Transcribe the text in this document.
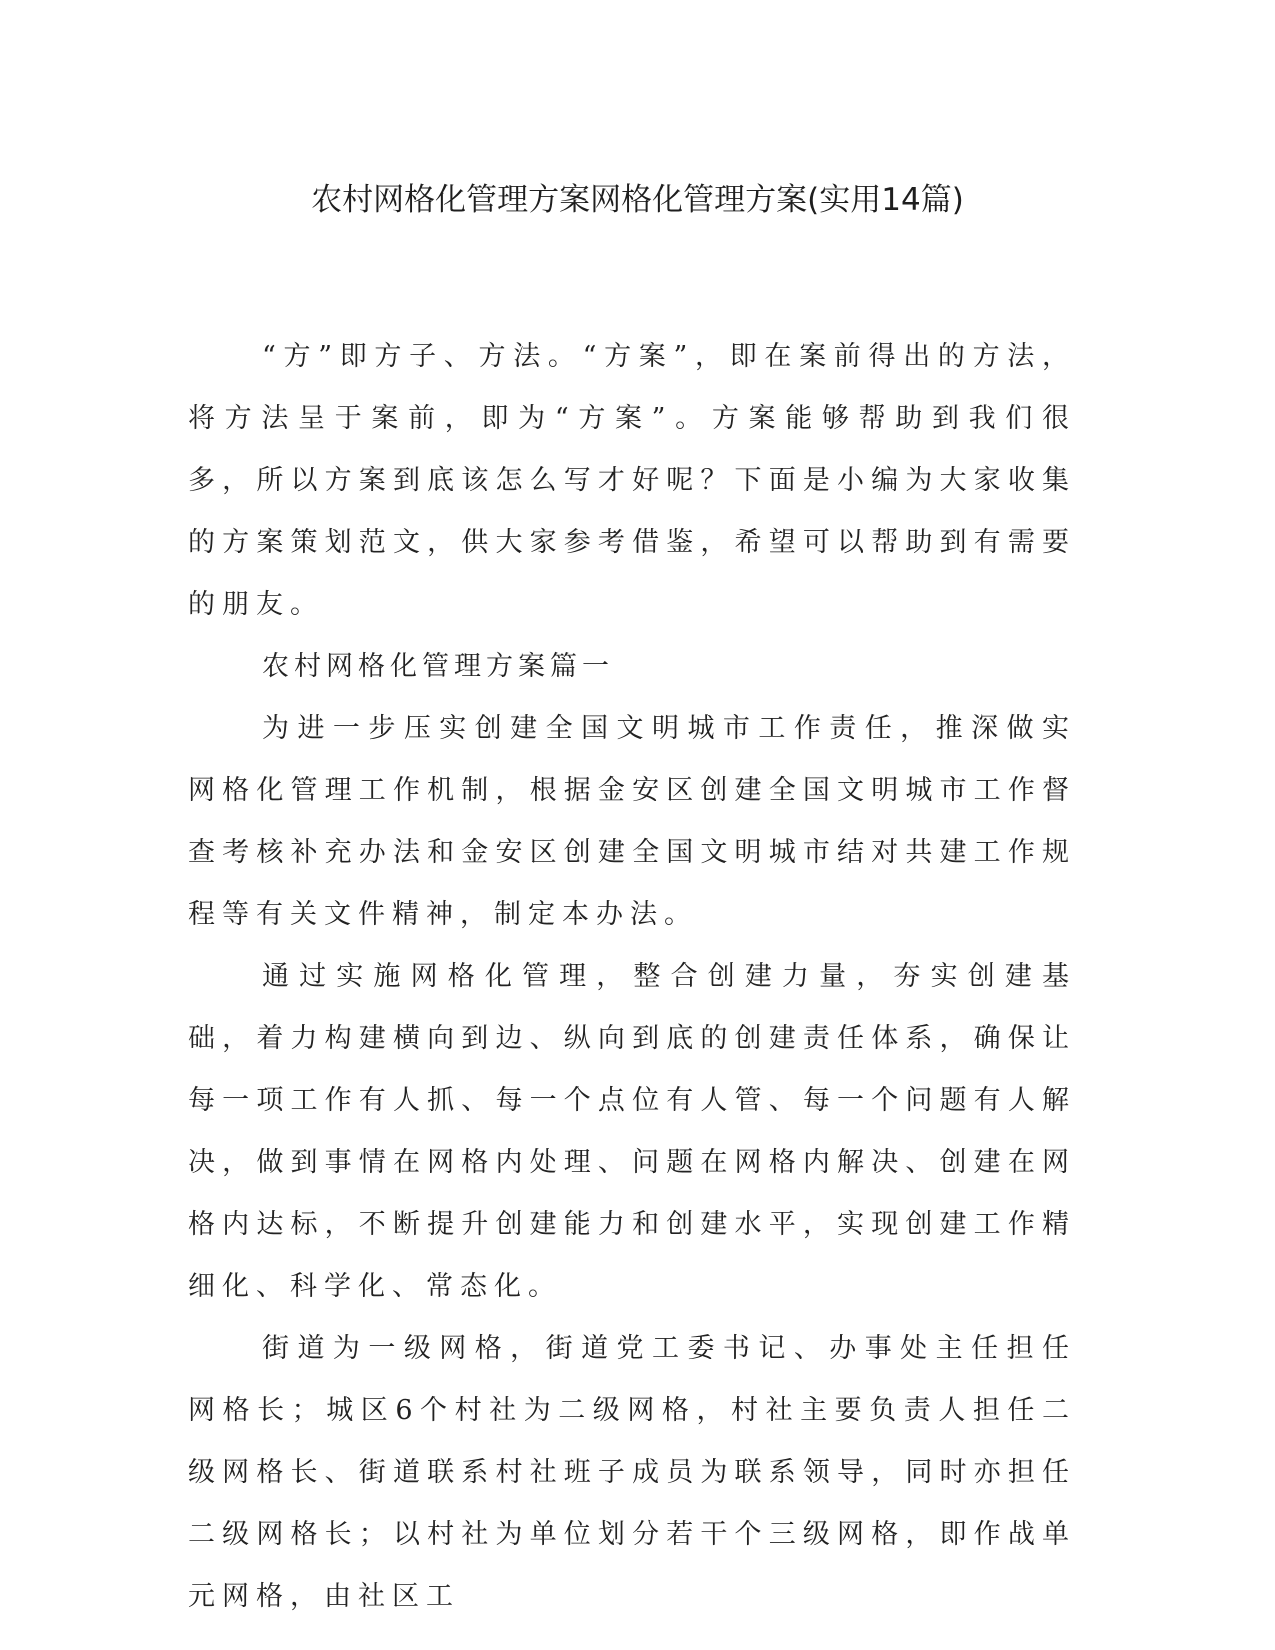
农村网格化管理方案网格化管理方案(实用14篇)

“方”即方子、方法。“方案”，即在案前得出的方法，将方法呈于案前，即为“方案”。方案能够帮助到我们很多，所以方案到底该怎么写才好呢？下面是小编为大家收集的方案策划范文，供大家参考借鉴，希望可以帮助到有需要的朋友。

农村网格化管理方案篇一

为进一步压实创建全国文明城市工作责任，推深做实网格化管理工作机制，根据金安区创建全国文明城市工作督查考核补充办法和金安区创建全国文明城市结对共建工作规程等有关文件精神，制定本办法。

通过实施网格化管理，整合创建力量，夯实创建基础，着力构建横向到边、纵向到底的创建责任体系，确保让每一项工作有人抓、每一个点位有人管、每一个问题有人解决，做到事情在网格内处理、问题在网格内解决、创建在网格内达标，不断提升创建能力和创建水平，实现创建工作精细化、科学化、常态化。

街道为一级网格，街道党工委书记、办事处主任担任网格长；城区6个村社为二级网格，村社主要负责人担任二级网格长、街道联系村社班子成员为联系领导，同时亦担任二级网格长；以村社为单位划分若干个三级网格，即作战单元网格，由社区工
